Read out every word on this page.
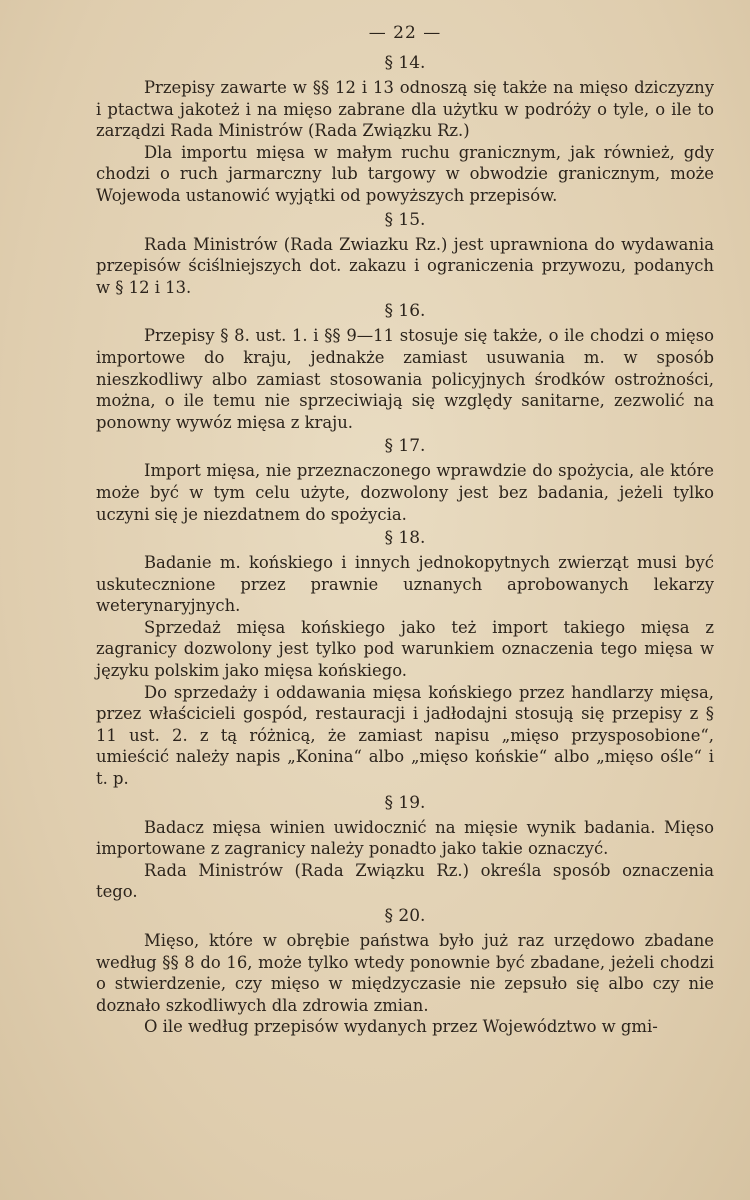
— 22 —
§ 14.

Przepisy zawarte w §§ 12 i 13 odnoszą się także na mięso dziczyzny i ptactwa jakoteż i na mięso zabrane dla użytku w podróży o tyle, o ile to zarządzi Rada Ministrów (Rada Związku Rz.)

Dla importu mięsa w małym ruchu granicznym, jak również, gdy chodzi o ruch jarmarczny lub targowy w obwodzie granicznym, może Wojewoda ustanowić wyjątki od powyższych przepisów.

§ 15.

Rada Ministrów (Rada Zwiazku Rz.) jest uprawniona do wydawania przepisów ściślniejszych dot. zakazu i ograniczenia przywozu, podanych w § 12 i 13.

§ 16.

Przepisy § 8. ust. 1. i §§ 9—11 stosuje się także, o ile chodzi o mięso importowe do kraju, jednakże zamiast usuwania m. w sposób nieszkodliwy albo zamiast stosowania policyjnych środków ostrożności, można, o ile temu nie sprzeciwiają się względy sanitarne, zezwolić na ponowny wywóz mięsa z kraju.

§ 17.

Import mięsa, nie przeznaczonego wprawdzie do spożycia, ale które może być w tym celu użyte, dozwolony jest bez badania, jeżeli tylko uczyni się je niezdatnem do spożycia.

§ 18.

Badanie m. końskiego i innych jednokopytnych zwierząt musi być uskutecznione przez prawnie uznanych aprobowanych lekarzy weterynaryjnych.

Sprzedaż mięsa końskiego jako też import takiego mięsa z zagranicy dozwolony jest tylko pod warunkiem oznaczenia tego mięsa w języku polskim jako mięsa końskiego.

Do sprzedaży i oddawania mięsa końskiego przez handlarzy mięsa, przez właścicieli gospód, restauracji i jadłodajni stosują się przepisy z § 11 ust. 2. z tą różnicą, że zamiast napisu „mięso przysposobione“, umieścić należy napis „Konina“ albo „mięso końskie“ albo „mięso ośle“ i t. p.

§ 19.

Badacz mięsa winien uwidocznić na mięsie wynik badania. Mięso importowane z zagranicy należy ponadto jako takie oznaczyć.

Rada Ministrów (Rada Związku Rz.) określa sposób oznaczenia tego.

§ 20.

Mięso, które w obrębie państwa było już raz urzędowo zbadane według §§ 8 do 16, może tylko wtedy ponownie być zbadane, jeżeli chodzi o stwierdzenie, czy mięso w międzyczasie nie zepsuło się albo czy nie doznało szkodliwych dla zdrowia zmian.

O ile według przepisów wydanych przez Województwo w gmi-
